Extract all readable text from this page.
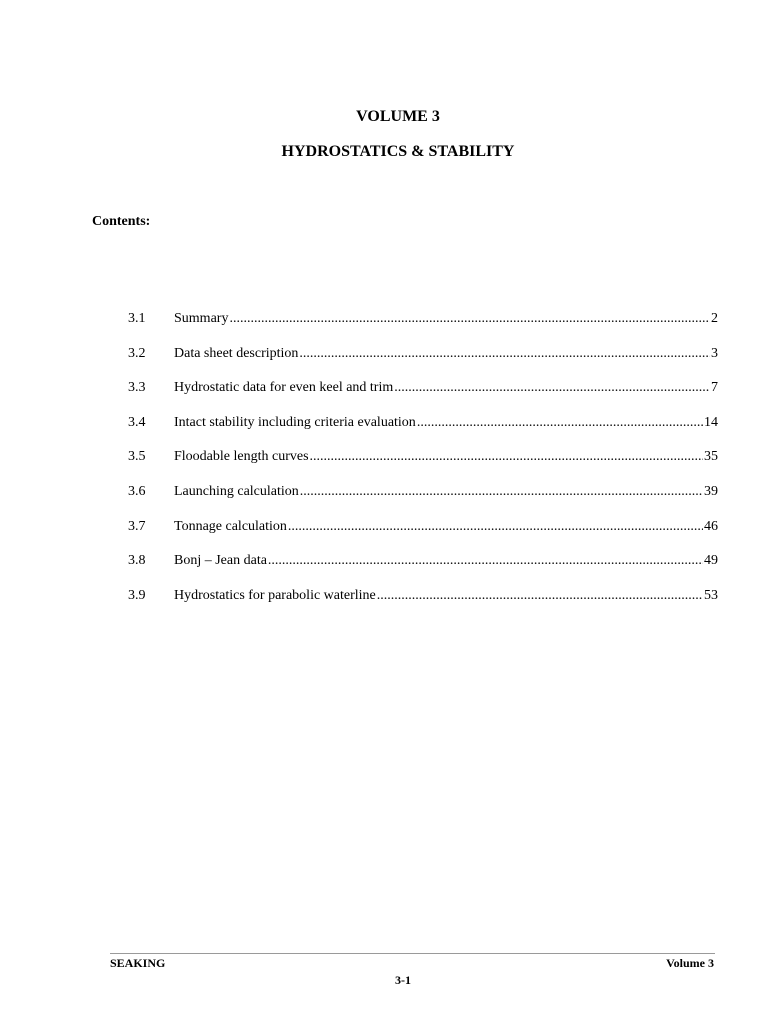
VOLUME 3
HYDROSTATICS & STABILITY

Contents:

3.1	Summary .....	2
3.2	Data sheet description .....	3
3.3	Hydrostatic data for even keel and trim .....	7
3.4	Intact stability including criteria evaluation .....	14
3.5	Floodable length curves .....	35
3.6	Launching calculation .....	39
3.7	Tonnage calculation .....	46
3.8	Bonj – Jean data .....	49
3.9	Hydrostatics for parabolic waterline .....	53
SEAKING	Volume 3
3-1
